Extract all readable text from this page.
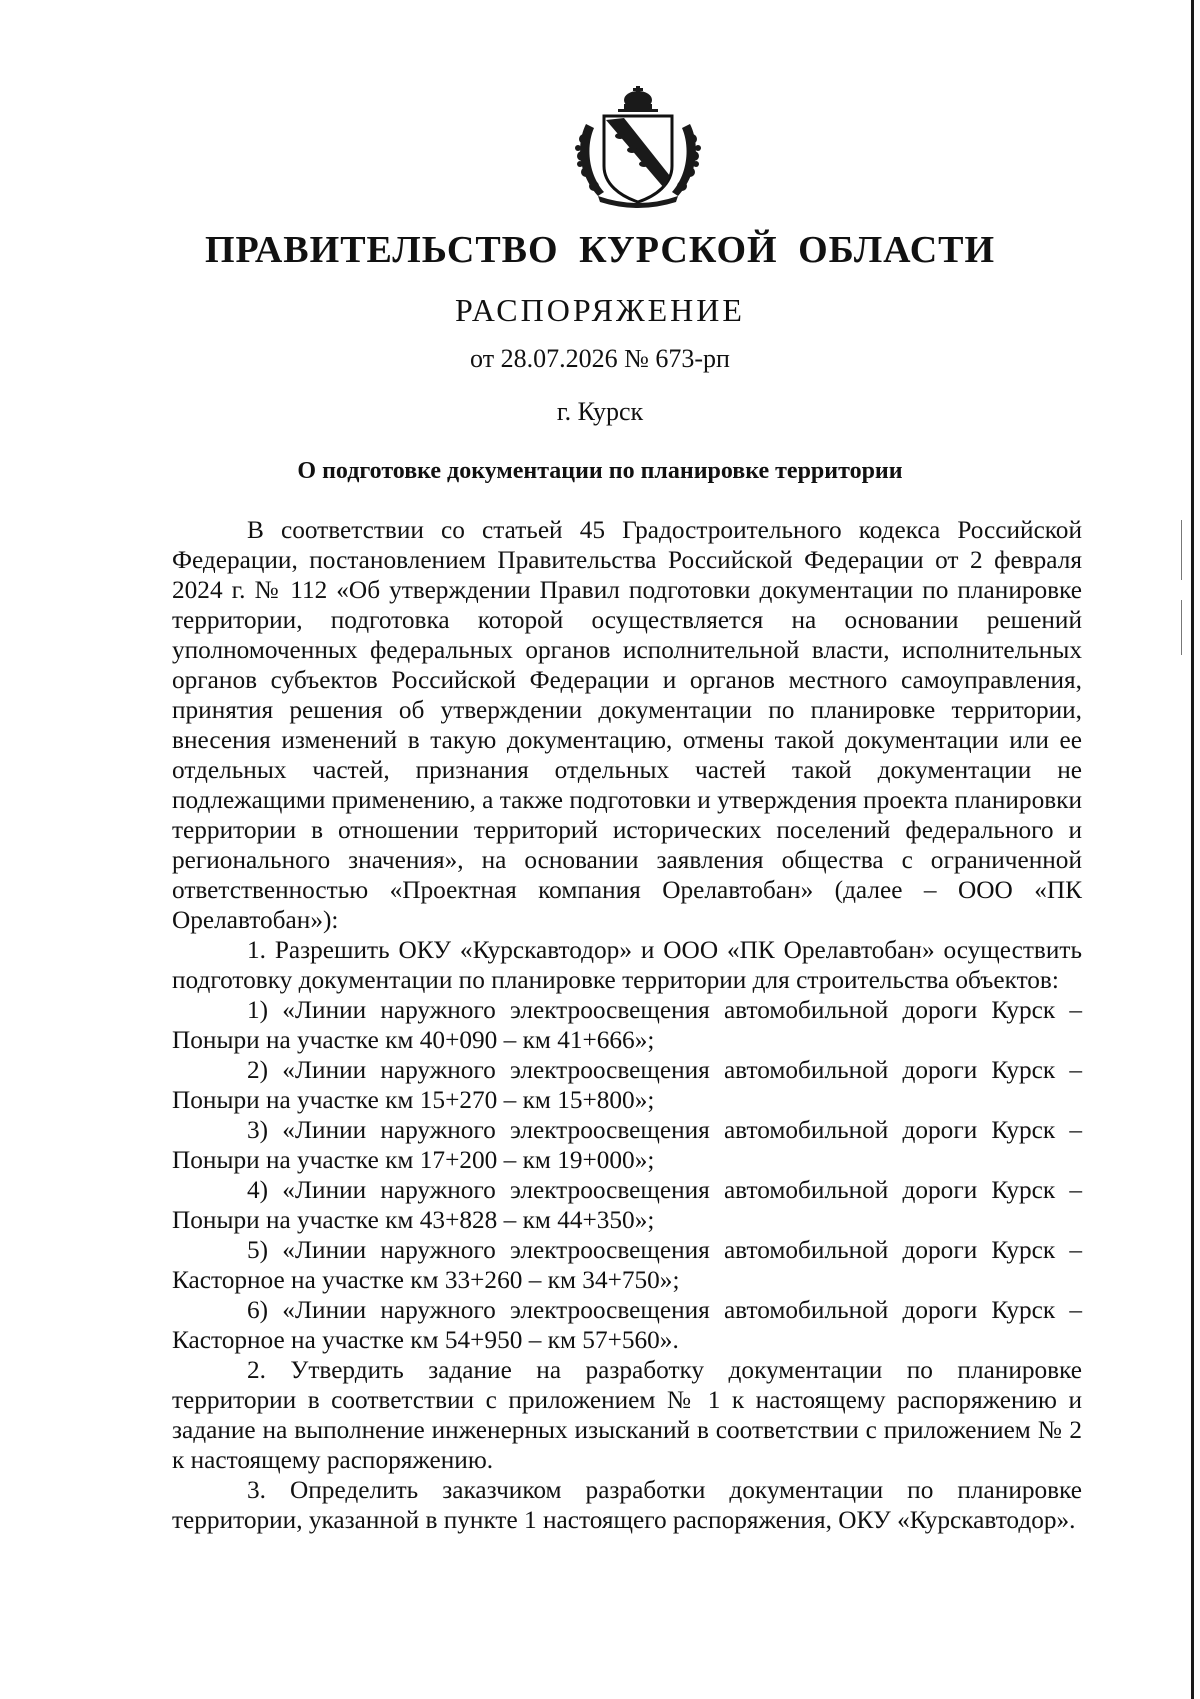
ПРАВИТЕЛЬСТВО КУРСКОЙ ОБЛАСТИ
РАСПОРЯЖЕНИЕ
от 28.07.2026 № 673-рп
г. Курск
О подготовке документации по планировке территории

В соответствии со статьей 45 Градостроительного кодекса Российской Федерации, постановлением Правительства Российской Федерации от 2 февраля 2024 г. № 112 «Об утверждении Правил подготовки документации по планировке территории, подготовка которой осуществляется на основании решений уполномоченных федеральных органов исполнительной власти, исполнительных органов субъектов Российской Федерации и органов местного самоуправления, принятия решения об утверждении документации по планировке территории, внесения изменений в такую документацию, отмены такой документации или ее отдельных частей, признания отдельных частей такой документации не подлежащими применению, а также подготовки и утверждения проекта планировки территории в отношении территорий исторических поселений федерального и регионального значения», на основании заявления общества с ограниченной ответственностью «Проектная компания Орелавтобан» (далее – ООО «ПК Орелавтобан»):

1. Разрешить ОКУ «Курскавтодор» и ООО «ПК Орелавтобан» осуществить подготовку документации по планировке территории для строительства объектов:

1) «Линии наружного электроосвещения автомобильной дороги Курск – Поныри на участке км 40+090 – км 41+666»;

2) «Линии наружного электроосвещения автомобильной дороги Курск – Поныри на участке км 15+270 – км 15+800»;

3) «Линии наружного электроосвещения автомобильной дороги Курск – Поныри на участке км 17+200 – км 19+000»;

4) «Линии наружного электроосвещения автомобильной дороги Курск – Поныри на участке км 43+828 – км 44+350»;

5) «Линии наружного электроосвещения автомобильной дороги Курск – Касторное на участке км 33+260 – км 34+750»;

6) «Линии наружного электроосвещения автомобильной дороги Курск – Касторное на участке км 54+950 – км 57+560».

2. Утвердить задание на разработку документации по планировке территории в соответствии с приложением № 1 к настоящему распоряжению и задание на выполнение инженерных изысканий в соответствии с приложением № 2 к настоящему распоряжению.

3. Определить заказчиком разработки документации по планировке территории, указанной в пункте 1 настоящего распоряжения, ОКУ «Курскавтодор».
